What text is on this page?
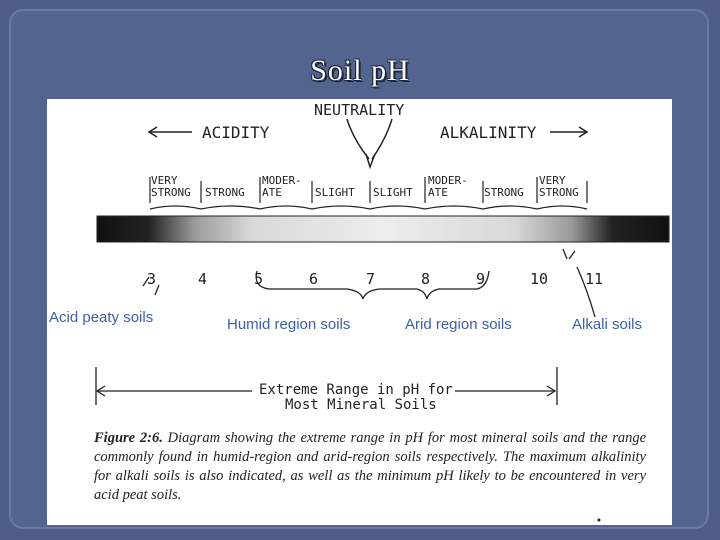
Soil pH
NEUTRALITY
ACIDITY	ALKALINITY
VERY
STRONG STRONG
MODER-
ATE	SLIGHT SLIGHT
MODER-
ATE	STRONG
VERY
STRONG
3	4	5	6	7	8	9	10 11
Acid peaty soils	Humid region soils	Arid region soils	Alkali soils
Extreme Range in pH for
Most Mineral Soils
Figure 2:6. Diagram showing the extreme range in pH for most mineral soils and the range commonly found in humid-region and arid-region soils respectively. The maximum alkalinity for alkali soils is also indicated, as well as the minimum pH likely to be encountered in very acid peat soils.
